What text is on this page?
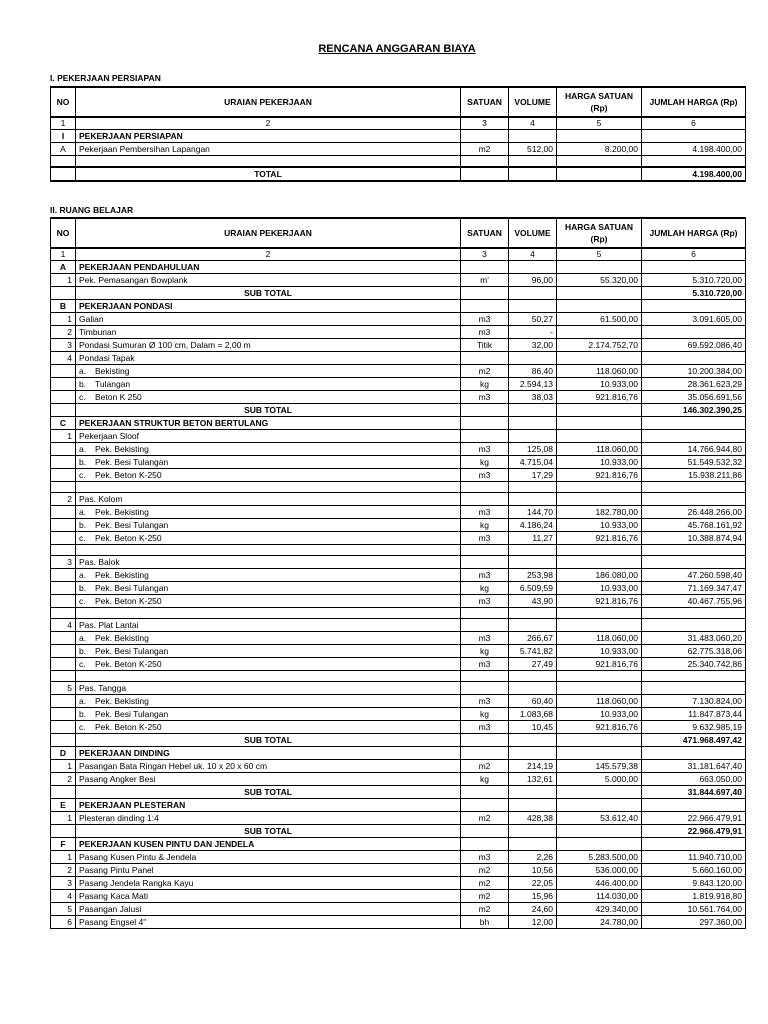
RENCANA ANGGARAN BIAYA
I. PEKERJAAN PERSIAPAN
NO	URAIAN PEKERJAAN	SATUAN	VOLUME	HARGA SATUAN (Rp)	JUMLAH HARGA (Rp)
1	2	3	4	5	6
I	PEKERJAAN PERSIAPAN				
A	Pekerjaan Pembersihan Lapangan	m2	512,00	8.200,00	4.198.400,00

	TOTAL				4.198.400,00
II. RUANG BELAJAR
NO	URAIAN PEKERJAAN	SATUAN	VOLUME	HARGA SATUAN (Rp)	JUMLAH HARGA (Rp)
1	2	3	4	5	6
A	PEKERJAAN PENDAHULUAN				
1	Pek. Pemasangan Bowplank	m'	96,00	55.320,00	5.310.720,00
	SUB TOTAL				5.310.720,00
B	PEKERJAAN PONDASI				
1	Galian	m3	50,27	61.500,00	3.091.605,00
2	Timbunan	m3	-		
3	Pondasi Sumuran Ø 100 cm, Dalam = 2,00 m	Titik	32,00	2.174.752,70	69.592.086,40
4	Pondasi Tapak				
	a. Bekisting	m2	86,40	118.060,00	10.200.384,00
	b. Tulangan	kg	2.594,13	10.933,00	28.361.623,29
	c. Beton K 250	m3	38,03	921.816,76	35.056.691,56
	SUB TOTAL				146.302.390,25
C	PEKERJAAN STRUKTUR BETON BERTULANG				
1	Pekerjaan Sloof				
	a. Pek. Bekisting	m3	125,08	118.060,00	14.766.944,80
	b. Pek. Besi Tulangan	kg	4.715,04	10.933,00	51.549.532,32
	c. Pek. Beton K-250	m3	17,29	921.816,76	15.938.211,86

2	Pas. Kolom				
	a. Pek. Bekisting	m3	144,70	182.780,00	26.448.266,00
	b. Pek. Besi Tulangan	kg	4.186,24	10.933,00	45.768.161,92
	c. Pek. Beton K-250	m3	11,27	921.816,76	10.388.874,94

3	Pas. Balok				
	a. Pek. Bekisting	m3	253,98	186.080,00	47.260.598,40
	b. Pek. Besi Tulangan	kg	6.509,59	10.933,00	71.169.347,47
	c. Pek. Beton K-250	m3	43,90	921.816,76	40.467.755,96

4	Pas. Plat Lantai				
	a. Pek. Bekisting	m3	266,67	118.060,00	31.483.060,20
	b. Pek. Besi Tulangan	kg	5.741,82	10.933,00	62.775.318,06
	c. Pek. Beton K-250	m3	27,49	921.816,76	25.340.742,86

5	Pas. Tangga				
	a. Pek. Bekisting	m3	60,40	118.060,00	7.130.824,00
	b. Pek. Besi Tulangan	kg	1.083,68	10.933,00	11.847.873,44
	c. Pek. Beton K-250	m3	10,45	921.816,76	9.632.985,19
	SUB TOTAL				471.968.497,42
D	PEKERJAAN DINDING				
1	Pasangan Bata Ringan Hebel uk. 10 x 20 x 60 cm	m2	214,19	145.579,38	31.181.647,40
2	Pasang Angker Besi	kg	132,61	5.000,00	663.050,00
	SUB TOTAL				31.844.697,40
E	PEKERJAAN PLESTERAN				
1	Plesteran dinding 1:4	m2	428,38	53.612,40	22.966.479,91
	SUB TOTAL				22.966.479,91
F	PEKERJAAN KUSEN PINTU DAN JENDELA				
1	Pasang Kusen Pintu & Jendela	m3	2,26	5.283.500,00	11.940.710,00
2	Pasang Pintu Panel	m2	10,56	536.000,00	5.660.160,00
3	Pasang Jendela Rangka Kayu	m2	22,05	446.400,00	9.843.120,00
4	Pasang Kaca Mati	m2	15,96	114.030,00	1.819.918,80
5	Pasangan Jalusi	m2	24,60	429.340,00	10.561.764,00
6	Pasang Engsel 4"	bh	12,00	24.780,00	297.360,00
